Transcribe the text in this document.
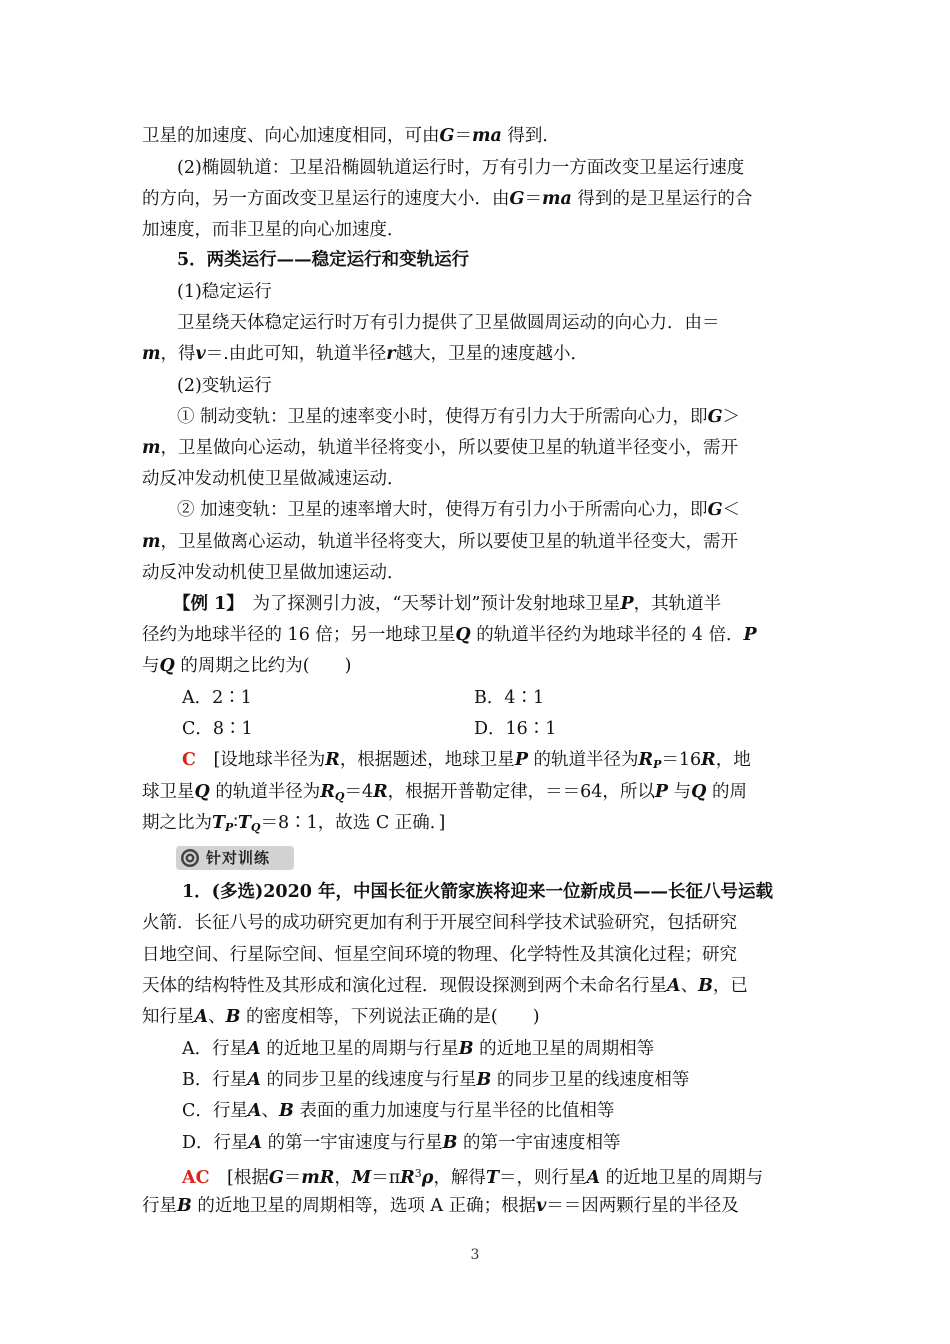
卫星的加速度、向心加速度相同，可由G＝ma 得到．
(2)椭圆轨道：卫星沿椭圆轨道运行时，万有引力一方面改变卫星运行速度
的方向，另一方面改变卫星运行的速度大小．由G＝ma 得到的是卫星运行的合
加速度，而非卫星的向心加速度．
5．两类运行——稳定运行和变轨运行
(1)稳定运行
卫星绕天体稳定运行时万有引力提供了卫星做圆周运动的向心力．由＝
m，得v＝.由此可知，轨道半径r越大，卫星的速度越小．
(2)变轨运行
① 制动变轨：卫星的速率变小时，使得万有引力大于所需向心力，即G＞
m，卫星做向心运动，轨道半径将变小，所以要使卫星的轨道半径变小，需开
动反冲发动机使卫星做减速运动．
② 加速变轨：卫星的速率增大时，使得万有引力小于所需向心力，即G＜
m，卫星做离心运动，轨道半径将变大，所以要使卫星的轨道半径变大，需开
动反冲发动机使卫星做加速运动．
【例 1】　 为了探测引力波，“天琴计划”预计发射地球卫星P，其轨道半
径约为地球半径的 16 倍；另一地球卫星Q 的轨道半径约为地球半径的 4 倍．P
与Q 的周期之比约为(　　)
A．2∶1	B．4∶1
C．8∶1	D．16∶1
C　 [设地球半径为R，根据题述，地球卫星P 的轨道半径为$R_P=16R$，地
球卫星Q 的轨道半径为$R_Q=4R$，根据开普勒定律，＝＝64，所以P 与Q 的周
期之比为$T_P∶T_Q=8∶1$，故选 C 正确．]
针对训练
1．(多选)2020 年，中国长征火箭家族将迎来一位新成员——长征八号运载
火箭．长征八号的成功研究更加有利于开展空间科学技术试验研究，包括研究
日地空间、行星际空间、恒星空间环境的物理、化学特性及其演化过程；研究
天体的结构特性及其形成和演化过程．现假设探测到两个未命名行星A、B，已
知行星A、B 的密度相等，下列说法正确的是(　　)
A．行星A 的近地卫星的周期与行星B 的近地卫星的周期相等
B．行星A 的同步卫星的线速度与行星B 的同步卫星的线速度相等
C．行星A、B 表面的重力加速度与行星半径的比值相等
D．行星A 的第一宇宙速度与行星B 的第一宇宙速度相等
AC　 [根据G＝mR，$M=\pi R^3\rho$，解得T＝，则行星A 的近地卫星的周期与
行星B 的近地卫星的周期相等，选项 A 正确；根据v＝＝因两颗行星的半径及
3
